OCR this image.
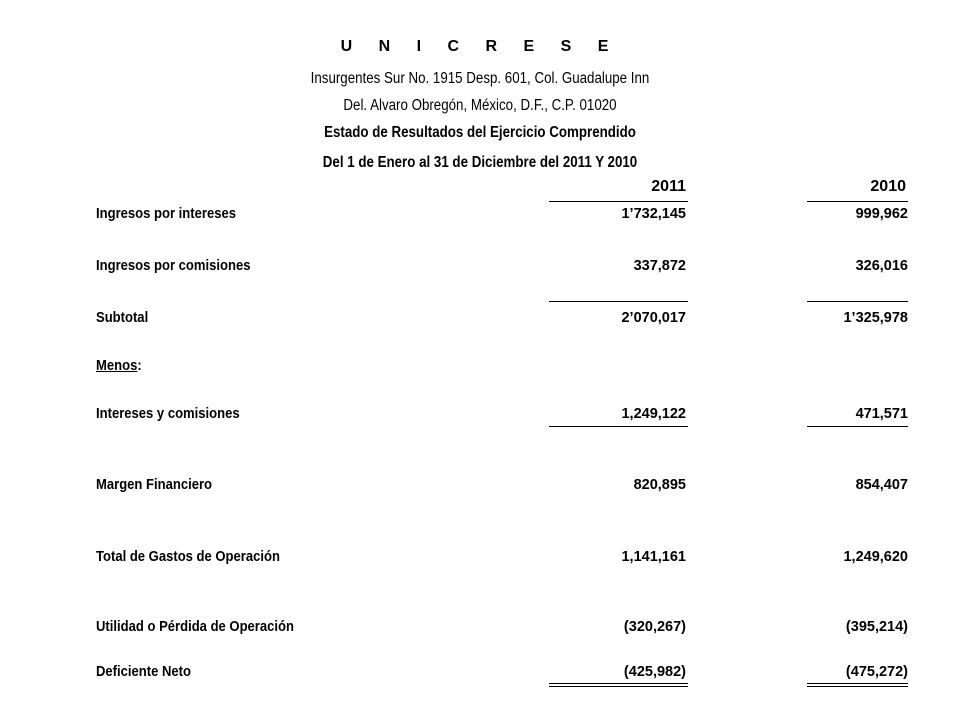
U N I C R E S E
Insurgentes Sur No. 1915 Desp. 601, Col. Guadalupe Inn
Del. Alvaro Obregón, México, D.F., C.P. 01020
Estado de Resultados del Ejercicio Comprendido
Del 1 de Enero al 31 de Diciembre del 2011 Y 2010
2011	2010
Ingresos por intereses	1’732,145	999,962
Ingresos por comisiones	337,872	326,016
Subtotal	2’070,017	1’325,978
Menos:
Intereses y comisiones	1,249,122	471,571
Margen Financiero	820,895	854,407
Total de Gastos de Operación	1,141,161	1,249,620
Utilidad o Pérdida de Operación	(320,267)	(395,214)
Deficiente Neto	(425,982)	(475,272)
